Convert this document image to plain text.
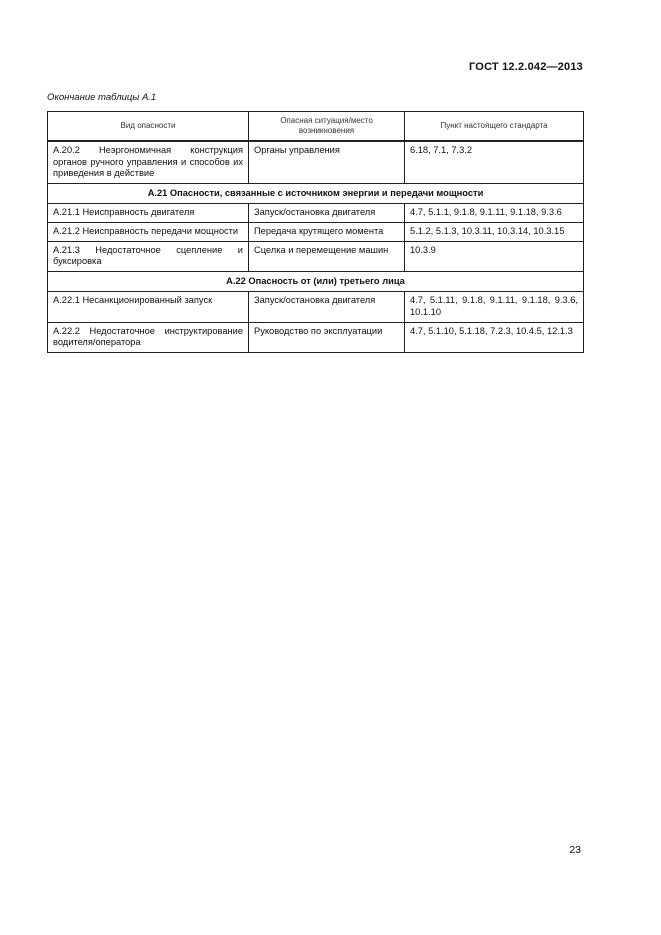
ГОСТ 12.2.042—2013
Окончание таблицы А.1
Вид опасности	Опасная ситуация/место возникновения	Пункт настоящего стандарта
А.20.2 Неэргономичная конструкция органов ручного управления и способов их приведения в действие	Органы управления	6.18, 7.1, 7.3.2
А.21 Опасности, связанные с источником энергии и передачи мощности		
А.21.1 Неисправность двигателя	Запуск/остановка двигателя	4.7, 5.1.1, 9.1.8, 9.1.11, 9.1.18, 9.3.6
А.21.2 Неисправность передачи мощности	Передача крутящего момента	5.1.2, 5.1.3, 10.3.11, 10.3.14, 10.3.15
А.21.3 Недостаточное сцепление и буксировка	Сцелка и перемещение машин	10.3.9
А.22 Опасность от (или) третьего лица		
А.22.1 Несанкционированный запуск	Запуск/остановка двигателя	4.7, 5.1.11, 9.1.8, 9.1.11, 9.1.18, 9.3.6, 10.1.10
А.22.2 Недостаточное инструктирование водителя/оператора	Руководство по эксплуатации	4.7, 5.1.10, 5.1.18, 7.2.3, 10.4.5, 12.1.3
23
